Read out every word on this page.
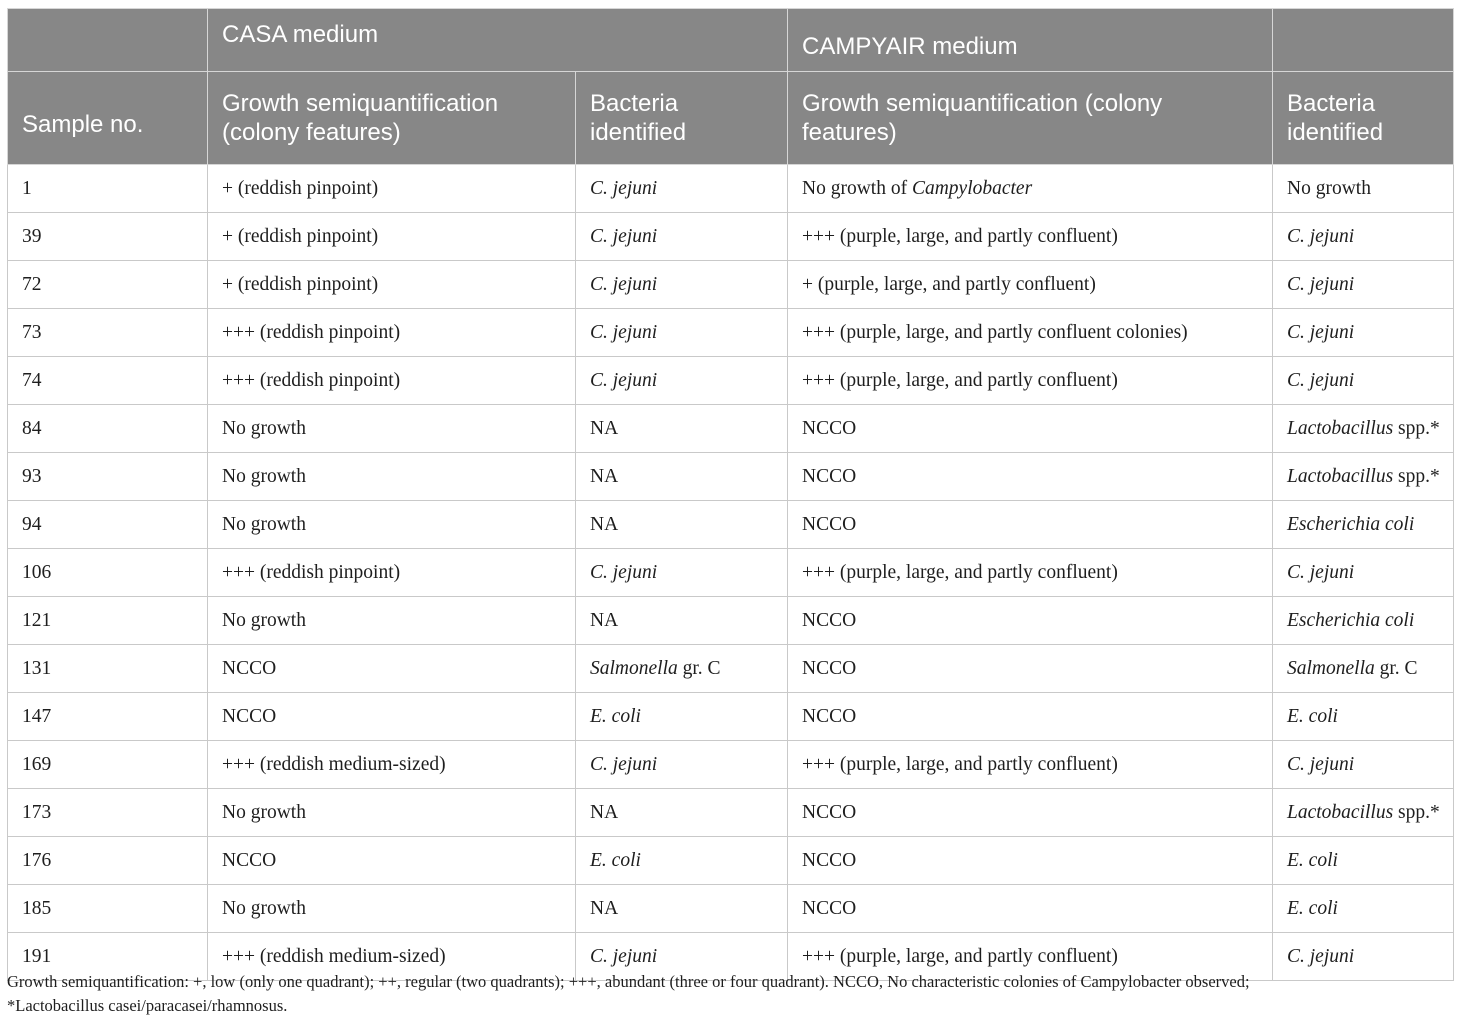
	CASA medium		CAMPYAIR medium	
Sample no.	Growth semiquantification (colony features)	Bacteria identified	Growth semiquantification (colony features)	Bacteria identified
1	+ (reddish pinpoint)	C. jejuni	No growth of Campylobacter	No growth
39	+ (reddish pinpoint)	C. jejuni	+++ (purple, large, and partly confluent)	C. jejuni
72	+ (reddish pinpoint)	C. jejuni	+ (purple, large, and partly confluent)	C. jejuni
73	+++ (reddish pinpoint)	C. jejuni	+++ (purple, large, and partly confluent colonies)	C. jejuni
74	+++ (reddish pinpoint)	C. jejuni	+++ (purple, large, and partly confluent)	C. jejuni
84	No growth	NA	NCCO	Lactobacillus spp.*
93	No growth	NA	NCCO	Lactobacillus spp.*
94	No growth	NA	NCCO	Escherichia coli
106	+++ (reddish pinpoint)	C. jejuni	+++ (purple, large, and partly confluent)	C. jejuni
121	No growth	NA	NCCO	Escherichia coli
131	NCCO	Salmonella gr. C	NCCO	Salmonella gr. C
147	NCCO	E. coli	NCCO	E. coli
169	+++ (reddish medium-sized)	C. jejuni	+++ (purple, large, and partly confluent)	C. jejuni
173	No growth	NA	NCCO	Lactobacillus spp.*
176	NCCO	E. coli	NCCO	E. coli
185	No growth	NA	NCCO	E. coli
191	+++ (reddish medium-sized)	C. jejuni	+++ (purple, large, and partly confluent)	C. jejuni
Growth semiquantification: +, low (only one quadrant); ++, regular (two quadrants); +++, abundant (three or four quadrant). NCCO, No characteristic colonies of Campylobacter observed;
*Lactobacillus casei/paracasei/rhamnosus.
